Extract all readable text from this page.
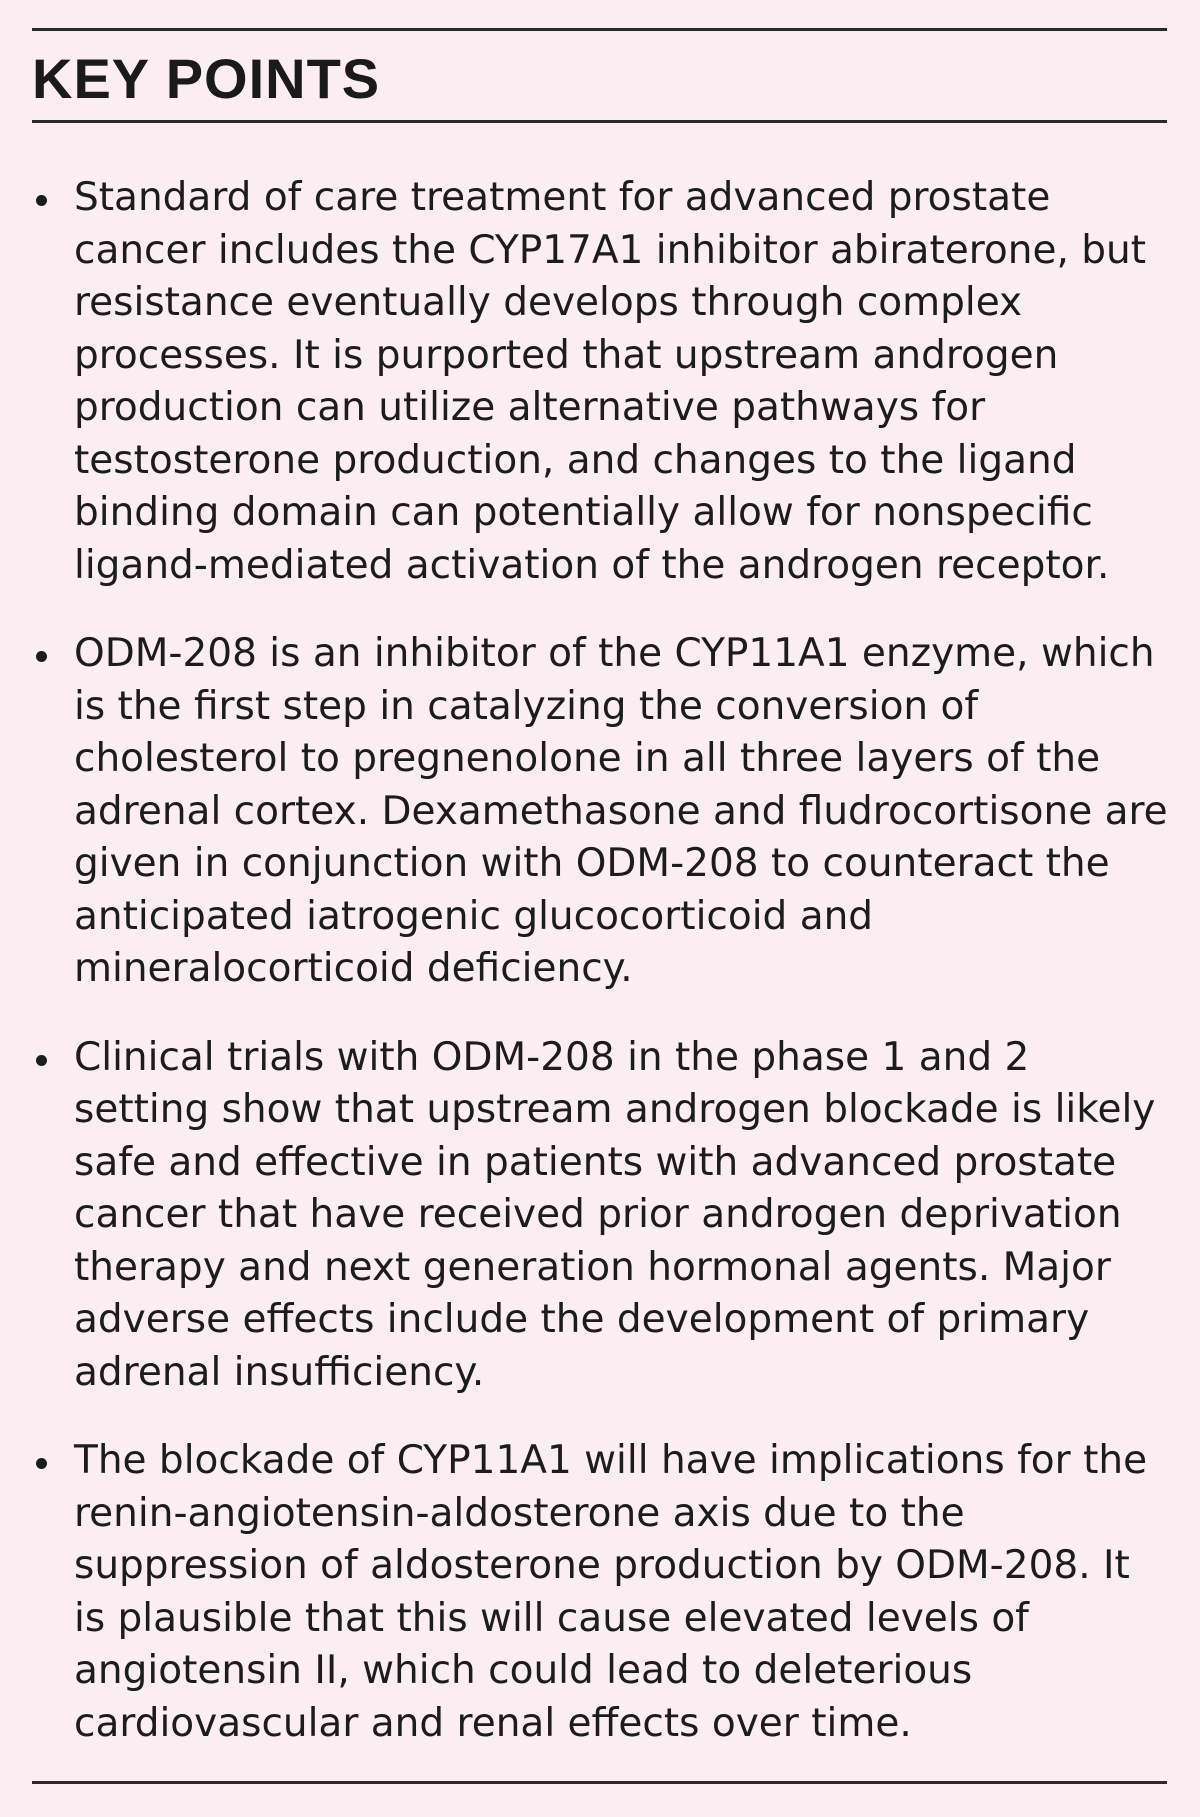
KEY POINTS
Standard of care treatment for advanced prostate cancer includes the CYP17A1 inhibitor abiraterone, but resistance eventually develops through complex processes. It is purported that upstream androgen production can utilize alternative pathways for testosterone production, and changes to the ligand binding domain can potentially allow for nonspecific ligand-mediated activation of the androgen receptor.
ODM-208 is an inhibitor of the CYP11A1 enzyme, which is the first step in catalyzing the conversion of cholesterol to pregnenolone in all three layers of the adrenal cortex. Dexamethasone and fludrocortisone are given in conjunction with ODM-208 to counteract the anticipated iatrogenic glucocorticoid and mineralocorticoid deficiency.
Clinical trials with ODM-208 in the phase 1 and 2 setting show that upstream androgen blockade is likely safe and effective in patients with advanced prostate cancer that have received prior androgen deprivation therapy and next generation hormonal agents. Major adverse effects include the development of primary adrenal insufficiency.
The blockade of CYP11A1 will have implications for the renin-angiotensin-aldosterone axis due to the suppression of aldosterone production by ODM-208. It is plausible that this will cause elevated levels of angiotensin II, which could lead to deleterious cardiovascular and renal effects over time.
